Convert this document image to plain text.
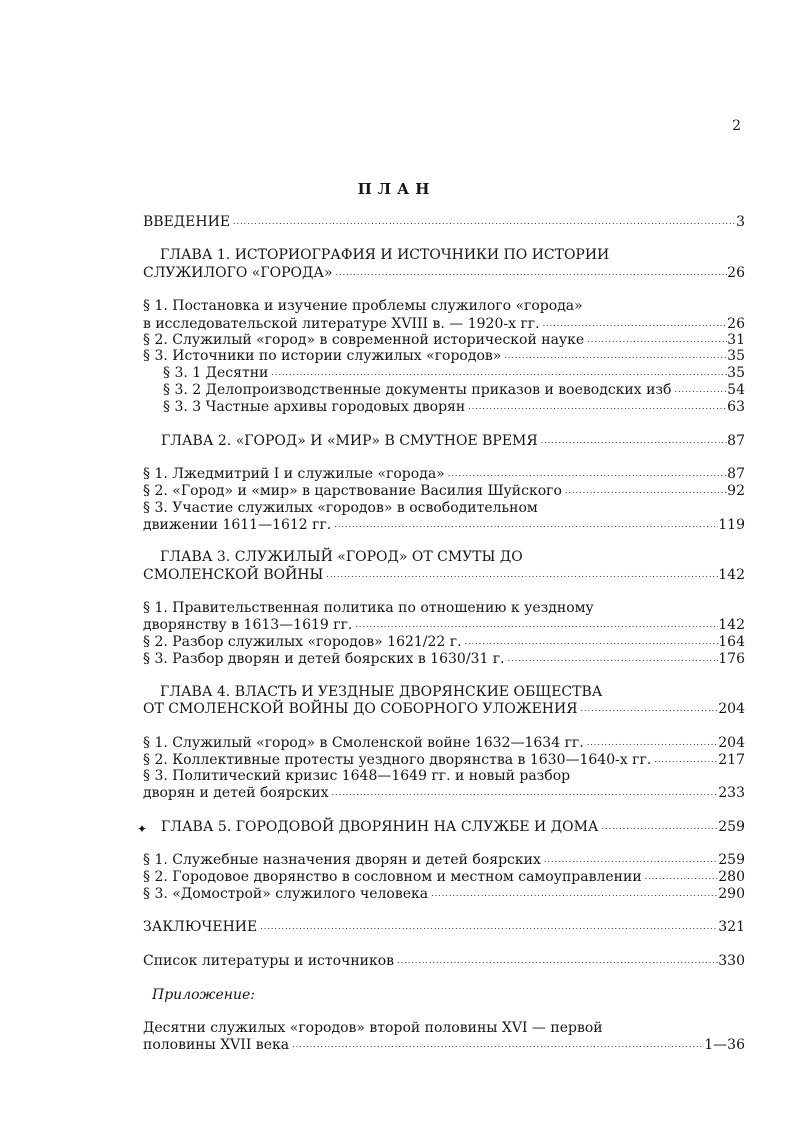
2
ПЛАН
ВВЕДЕНИЕ .....	3
ГЛАВА 1. ИСТОРИОГРАФИЯ И ИСТОЧНИКИ ПО ИСТОРИИ
СЛУЖИЛОГО «ГОРОДА» .....	26
§ 1. Постановка и изучение проблемы служилого «города»
в исследовательской литературе XVIII в. — 1920-х гг. .....	26
§ 2. Служилый «город» в современной исторической науке .....	31
§ 3. Источники по истории служилых «городов» .....	35
§ 3. 1 Десятни .....	35
§ 3. 2 Делопроизводственные документы приказов и воеводских изб .....	54
§ 3. 3 Частные архивы городовых дворян .....	63
ГЛАВА 2. «ГОРОД» И «МИР» В СМУТНОЕ ВРЕМЯ .....	87
§ 1. Лжедмитрий I и служилые «города» .....	87
§ 2. «Город» и «мир» в царствование Василия Шуйского .....	92
§ 3. Участие служилых «городов» в освободительном
движении 1611—1612 гг. .....	119
ГЛАВА 3. СЛУЖИЛЫЙ «ГОРОД» ОТ СМУТЫ ДО
СМОЛЕНСКОЙ ВОЙНЫ .....	142
§ 1. Правительственная политика по отношению к уездному
дворянству в 1613—1619 гг. .....	142
§ 2. Разбор служилых «городов» 1621/22 г. .....	164
§ 3. Разбор дворян и детей боярских в 1630/31 г. .....	176
ГЛАВА 4. ВЛАСТЬ И УЕЗДНЫЕ ДВОРЯНСКИЕ ОБЩЕСТВА
ОТ СМОЛЕНСКОЙ ВОЙНЫ ДО СОБОРНОГО УЛОЖЕНИЯ .....	204
§ 1. Служилый «город» в Смоленской войне 1632—1634 гг. .....	204
§ 2. Коллективные протесты уездного дворянства в 1630—1640-х гг. .....	217
§ 3. Политический кризис 1648—1649 гг. и новый разбор
дворян и детей боярских .....	233
✦ ГЛАВА 5. ГОРОДОВОЙ ДВОРЯНИН НА СЛУЖБЕ И ДОМА .....	259
§ 1. Служебные назначения дворян и детей боярских .....	259
§ 2. Городовое дворянство в сословном и местном самоуправлении .....	280
§ 3. «Домострой» служилого человека .....	290
ЗАКЛЮЧЕНИЕ .....	321
Список литературы и источников .....	330
Приложение:
Десятни служилых «городов» второй половины XVI — первой
половины XVII века .....	1—36
